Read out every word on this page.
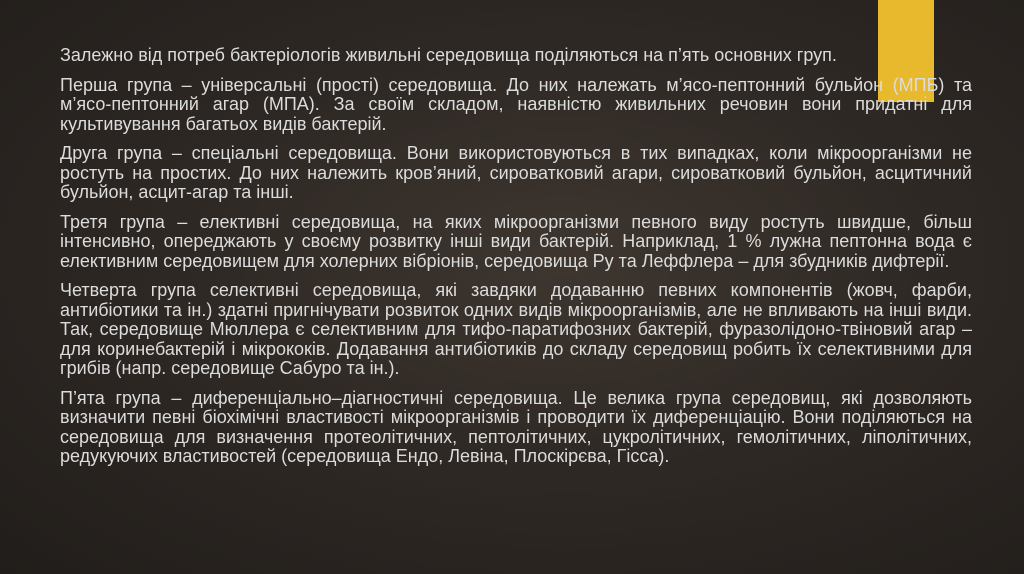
Залежно від потреб бактеріологів живильні середовища поділяються на п’ять основних груп.

Перша група – універсальні (прості) середовища. До них належать м’ясо-пептонний бульйон (МПБ) та м’ясо-пептонний агар (МПА). За своїм складом, наявністю живильних речовин вони придатні для культивування багатьох видів бактерій.

Друга група – спеціальні середовища. Вони використовуються в тих випадках, коли мікроорганізми не ростуть на простих. До них належить кров’яний, сироватковий агари, сироватковий бульйон, асцитичний бульйон, асцит-агар та інші.

Третя група – елективні середовища, на яких мікроорганізми певного виду ростуть швидше, більш інтенсивно, опереджають у своєму розвитку інші види бактерій. Наприклад, 1 % лужна пептонна вода є елективним середовищем для холерних вібріонів, середовища Ру та Леффлера – для збудників дифтерії.

Четверта група селективні середовища, які завдяки додаванню певних компонентів (жовч, фарби, антибіотики та ін.) здатні пригнічувати розвиток одних видів мікроорганізмів, але не впливають на інші види. Так, середовище Мюллера є селективним для тифо-паратифозних бактерій, фуразолідоно-твіновий агар – для коринебактерій і мікрококів. Додавання антибіотиків до складу середовищ робить їх селективними для грибів (напр. середовище Сабуро та ін.).

П’ята група – диференціально–діагностичні середовища. Це велика група середовищ, які дозволяють визначити певні біохімічні властивості мікроорганізмів і проводити їх диференціацію. Вони поділяються на середовища для визначення протеолітичних, пептолітичних, цукролітичних, гемолітичних, ліполітичних, редукуючих властивостей (середовища Ендо, Левіна, Плоскірєва, Гісса).
